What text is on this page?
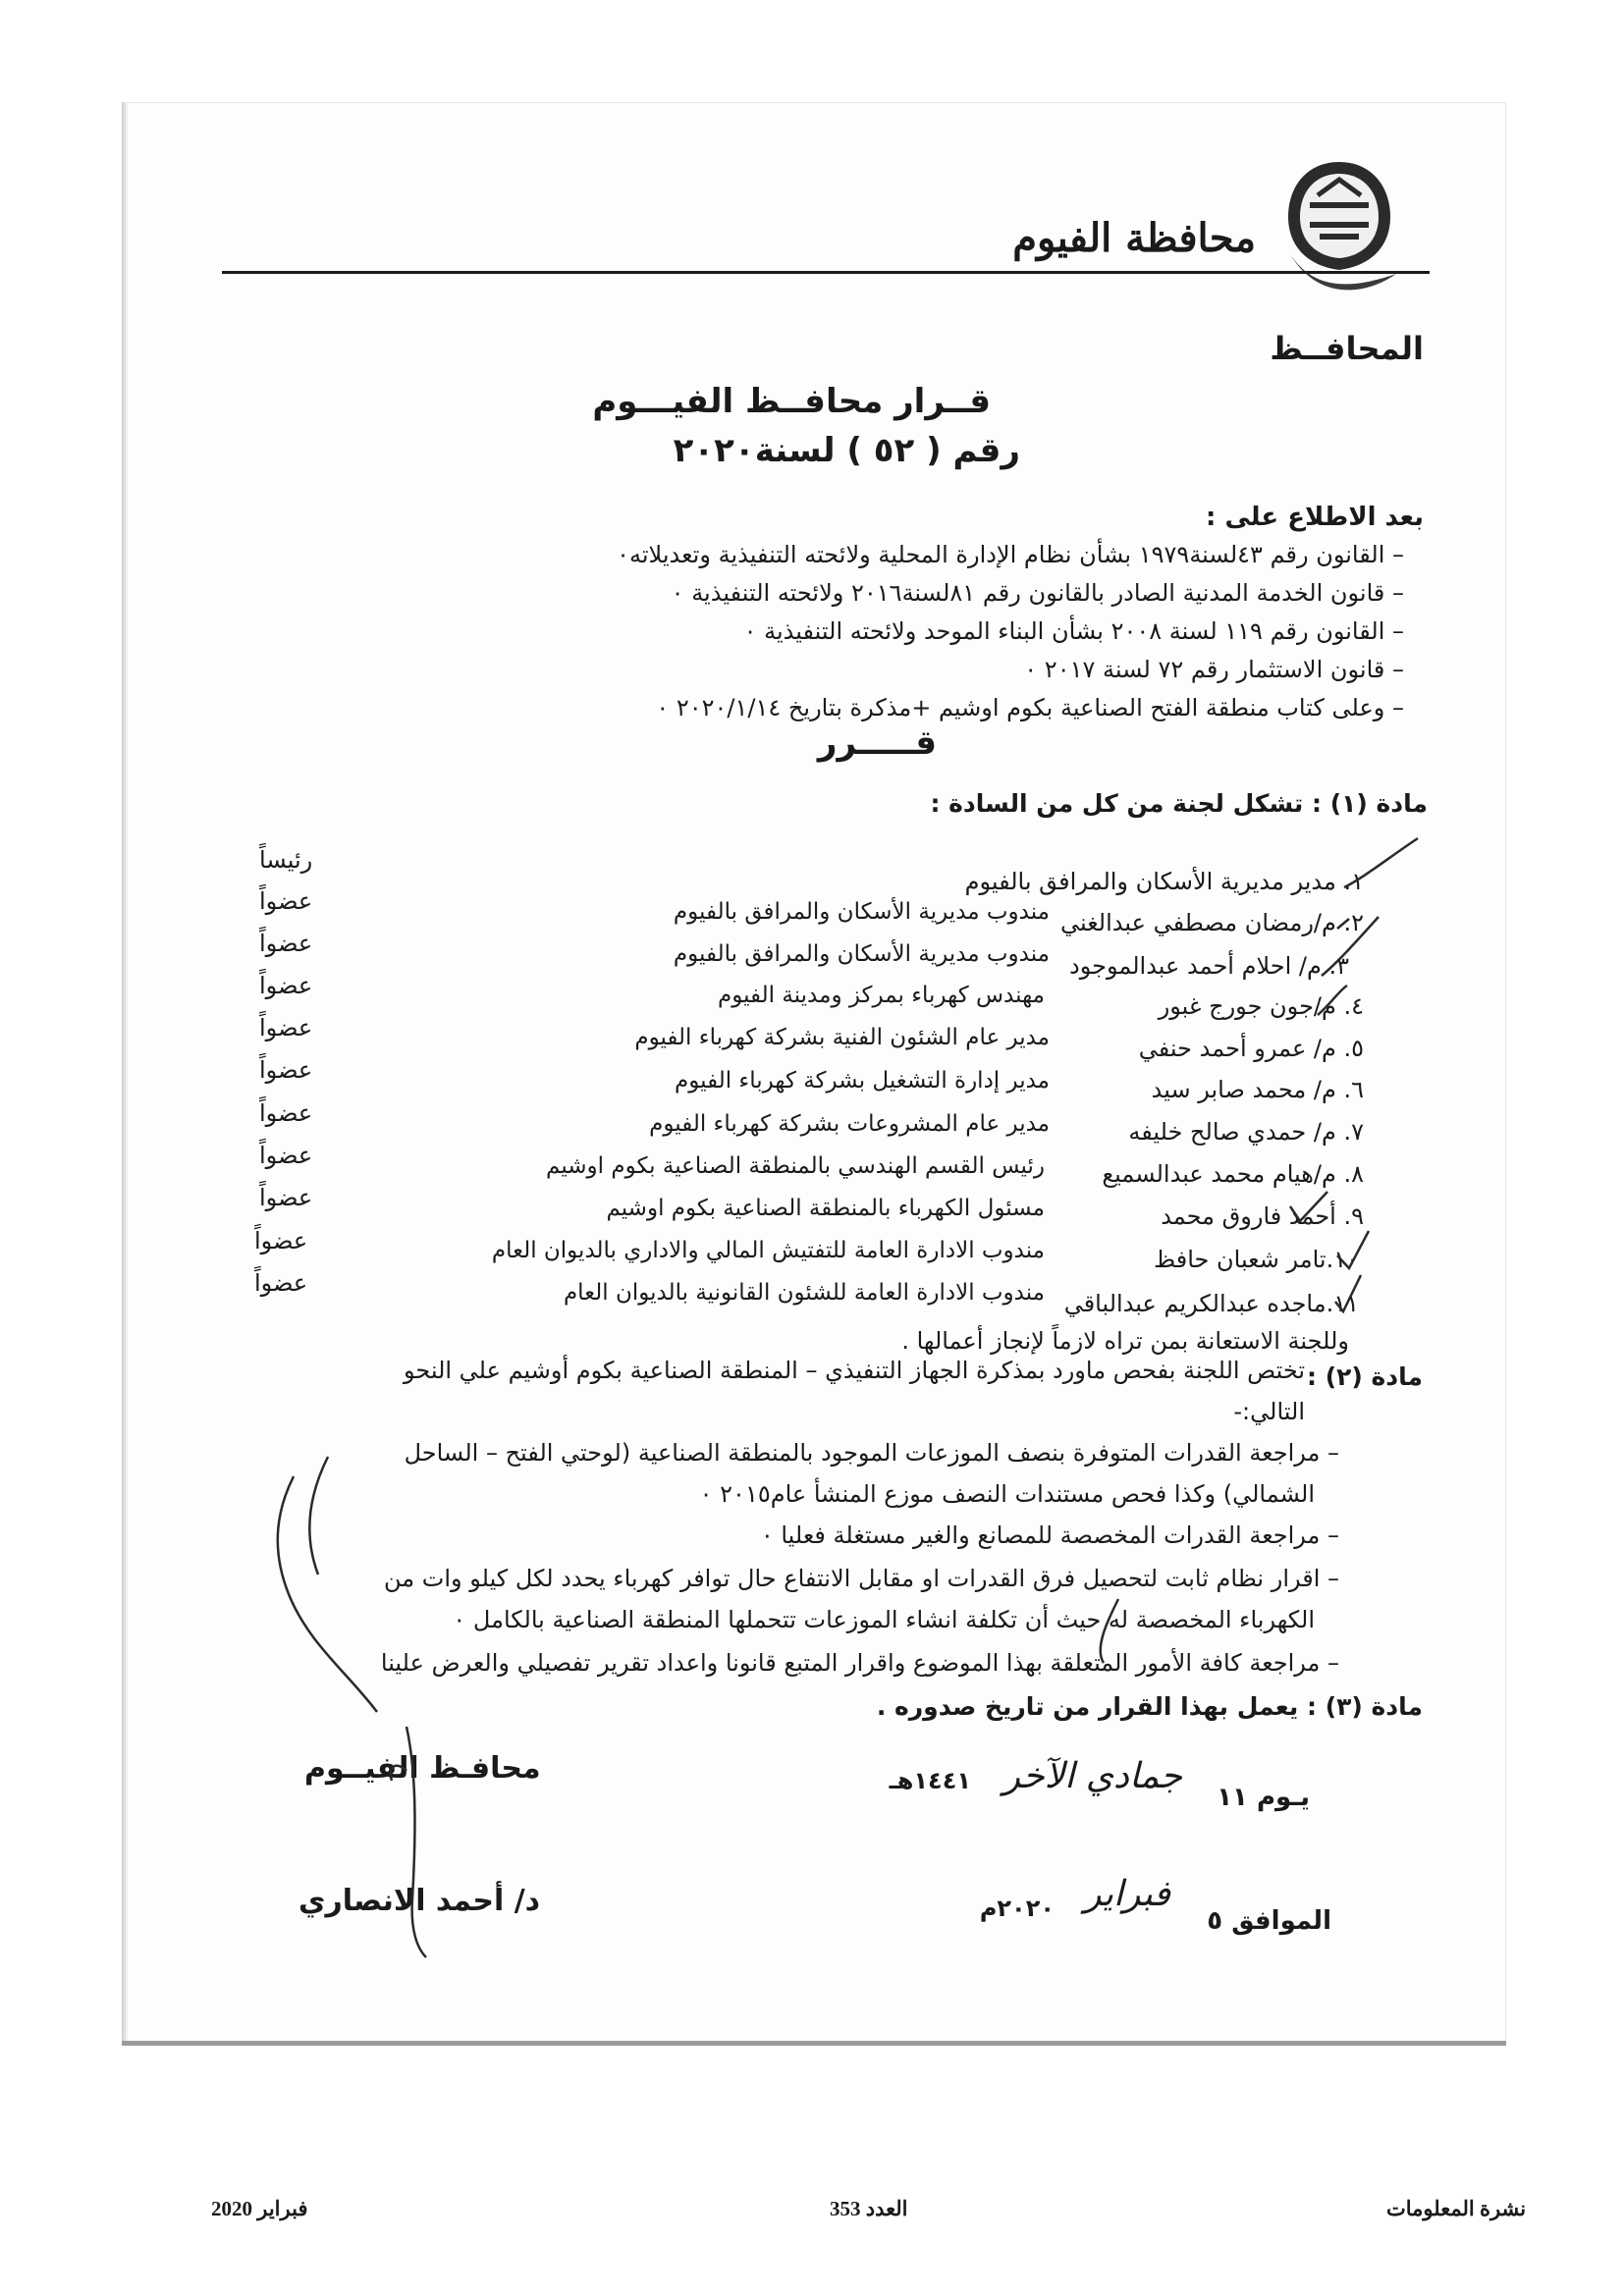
محافظة الفيوم
المحافــظ
قــرار محافــظ الفيـــوم
رقم ( ٥٢ ) لسنة٢٠٢٠
بعد الاطلاع على :
– القانون رقم ٤٣لسنة١٩٧٩ بشأن نظام الإدارة المحلية ولائحته التنفيذية وتعديلاته٠
– قانون الخدمة المدنية الصادر بالقانون رقم ٨١لسنة٢٠١٦ ولائحته التنفيذية ٠
– القانون رقم ١١٩ لسنة ٢٠٠٨ بشأن البناء الموحد ولائحته التنفيذية ٠
– قانون الاستثمار رقم ٧٢ لسنة ٢٠١٧ ٠
– وعلى كتاب منطقة الفتح الصناعية بكوم اوشيم +مذكرة بتاريخ ٢٠٢٠/١/١٤ ٠
قـــــرر
مادة (١) : تشكل لجنة من كل من السادة :
١. مدير مديرية الأسكان والمرافق بالفيوم
رئيساً
٢. م/رمضان مصطفي عبدالغني
مندوب مديرية الأسكان والمرافق بالفيوم
عضواً
٣. م/ احلام أحمد عبدالموجود
مندوب مديرية الأسكان والمرافق بالفيوم
عضواً
٤. م/جون جورج غبور
مهندس كهرباء بمركز ومدينة الفيوم
عضواً
٥. م/ عمرو أحمد حنفي
مدير عام الشئون الفنية بشركة كهرباء الفيوم
عضواً
٦. م/ محمد صابر سيد
مدير إدارة التشغيل بشركة كهرباء الفيوم
عضواً
٧. م/ حمدي صالح خليفه
مدير عام المشروعات بشركة كهرباء الفيوم
عضواً
٨. م/هيام محمد عبدالسميع
رئيس القسم الهندسي بالمنطقة الصناعية بكوم اوشيم
عضواً
٩. أحمد فاروق محمد
مسئول الكهرباء بالمنطقة الصناعية بكوم اوشيم
عضواً
١٠.تامر شعبان حافظ
مندوب الادارة العامة للتفتيش المالي والاداري بالديوان العام
عضواً
١١.ماجده عبدالكريم عبدالباقي
مندوب الادارة العامة للشئون القانونية بالديوان العام
عضواً
وللجنة الاستعانة بمن تراه لازماً لإنجاز أعمالها .
مادة (٢) :
تختص اللجنة بفحص ماورد بمذكرة الجهاز التنفيذي – المنطقة الصناعية بكوم أوشيم علي النحو
التالي:-
– مراجعة القدرات المتوفرة بنصف الموزعات الموجود بالمنطقة الصناعية (لوحتي الفتح – الساحل
الشمالي) وكذا فحص مستندات النصف موزع المنشأ عام٢٠١٥ ٠
– مراجعة القدرات المخصصة للمصانع والغير مستغلة فعليا ٠
– اقرار نظام ثابت لتحصيل فرق القدرات او مقابل الانتفاع حال توافر كهرباء يحدد لكل كيلو وات من
الكهرباء المخصصة له حيث أن تكلفة انشاء الموزعات تتحملها المنطقة الصناعية بالكامل ٠
– مراجعة كافة الأمور المتعلقة بهذا الموضوع واقرار المتبع قانونا واعداد تقرير تفصيلي والعرض علينا
مادة (٣) : يعمل بهذا القرار من تاريخ صدوره .
محافـظ الفيــوم
د/ أحمد الانصاري
يـوم ١١
جمادي الآخر
١٤٤١هـ
الموافق ٥
فبراير
٢٠٢٠م
فبراير 2020	العدد 353	نشرة المعلومات
